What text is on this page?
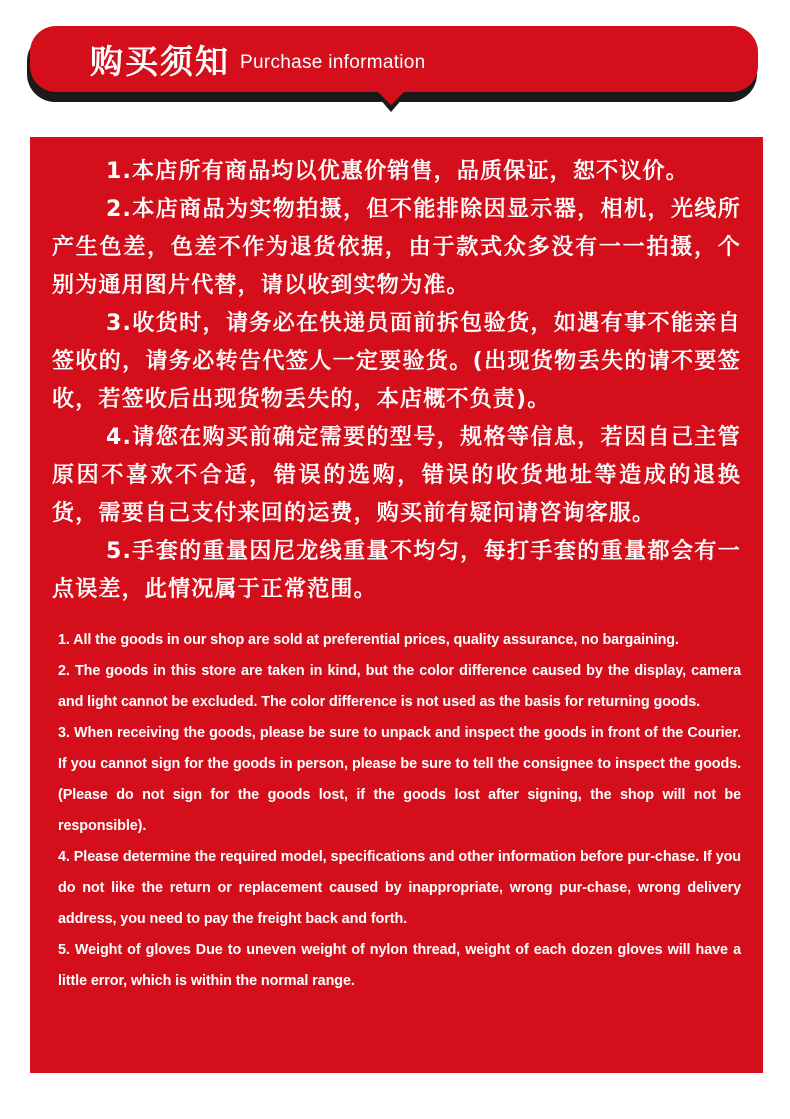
购买须知 Purchase information

1.本店所有商品均以优惠价销售，品质保证，恕不议价。

2.本店商品为实物拍摄，但不能排除因显示器，相机，光线所产生色差，色差不作为退货依据，由于款式众多没有一一拍摄，个别为通用图片代替，请以收到实物为准。

3.收货时，请务必在快递员面前拆包验货，如遇有事不能亲自签收的，请务必转告代签人一定要验货。(出现货物丢失的请不要签收，若签收后出现货物丢失的，本店概不负责)。

4.请您在购买前确定需要的型号，规格等信息，若因自己主管原因不喜欢不合适，错误的选购，错误的收货地址等造成的退换货，需要自己支付来回的运费，购买前有疑问请咨询客服。

5.手套的重量因尼龙线重量不均匀，每打手套的重量都会有一点误差，此情况属于正常范围。

1. All the goods in our shop are sold at preferential prices, quality assurance, no bargaining.

2. The goods in this store are taken in kind, but the color difference caused by the display, camera and light cannot be excluded. The color difference is not used as the basis for returning goods.

3. When receiving the goods, please be sure to unpack and inspect the goods in front of the Courier. If you cannot sign for the goods in person, please be sure to tell the consignee to inspect the goods. (Please do not sign for the goods lost, if the goods lost after signing, the shop will not be responsible).

4. Please determine the required model, specifications and other information before pur-chase. If you do not like the return or replacement caused by inappropriate, wrong pur-chase, wrong delivery address, you need to pay the freight back and forth.

5. Weight of gloves Due to uneven weight of nylon thread, weight of each dozen gloves will have a little error, which is within the normal range.
